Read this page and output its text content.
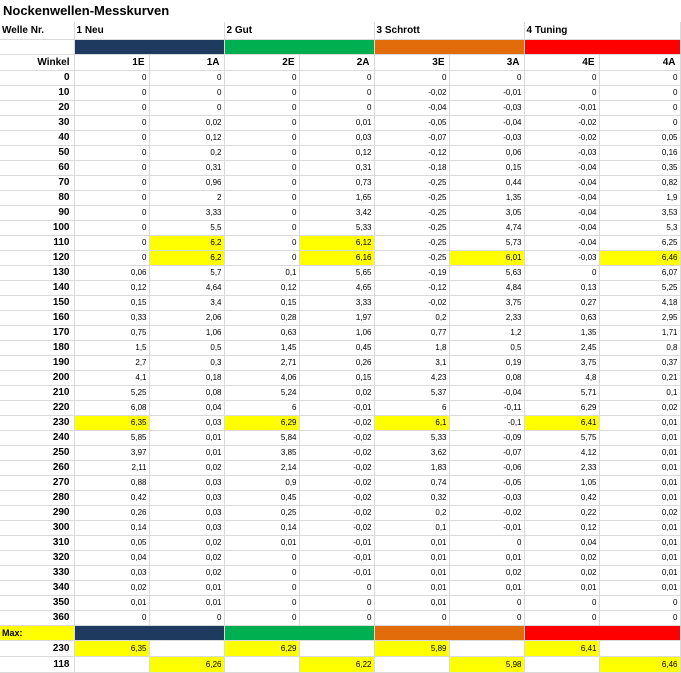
Nockenwellen-Messkurven
Welle Nr.	1 Neu		2 Gut		3 Schrott		4 Tuning	

Winkel	1E	1A	2E	2A	3E	3A	4E	4A
0	0	0	0	0	0	0	0	0
10	0	0	0	0	-0,02	-0,01	0	0
20	0	0	0	0	-0,04	-0,03	-0,01	0
30	0	0,02	0	0,01	-0,05	-0,04	-0,02	0
40	0	0,12	0	0,03	-0,07	-0,03	-0,02	0,05
50	0	0,2	0	0,12	-0,12	0,06	-0,03	0,16
60	0	0,31	0	0,31	-0,18	0,15	-0,04	0,35
70	0	0,96	0	0,73	-0,25	0,44	-0,04	0,82
80	0	2	0	1,65	-0,25	1,35	-0,04	1,9
90	0	3,33	0	3,42	-0,25	3,05	-0,04	3,53
100	0	5,5	0	5,33	-0,25	4,74	-0,04	5,3
110	0	6,2	0	6,12	-0,25	5,73	-0,04	6,25
120	0	6,2	0	6,16	-0,25	6,01	-0,03	6,46
130	0,06	5,7	0,1	5,65	-0,19	5,63	0	6,07
140	0,12	4,64	0,12	4,65	-0,12	4,84	0,13	5,25
150	0,15	3,4	0,15	3,33	-0,02	3,75	0,27	4,18
160	0,33	2,06	0,28	1,97	0,2	2,33	0,63	2,95
170	0,75	1,06	0,63	1,06	0,77	1,2	1,35	1,71
180	1,5	0,5	1,45	0,45	1,8	0,5	2,45	0,8
190	2,7	0,3	2,71	0,26	3,1	0,19	3,75	0,37
200	4,1	0,18	4,06	0,15	4,23	0,08	4,8	0,21
210	5,25	0,08	5,24	0,02	5,37	-0,04	5,71	0,1
220	6,08	0,04	6	-0,01	6	-0,11	6,29	0,02
230	6,35	0,03	6,29	-0,02	6,1	-0,1	6,41	0,01
240	5,85	0,01	5,84	-0,02	5,33	-0,09	5,75	0,01
250	3,97	0,01	3,85	-0,02	3,62	-0,07	4,12	0,01
260	2,11	0,02	2,14	-0,02	1,83	-0,06	2,33	0,01
270	0,88	0,03	0,9	-0,02	0,74	-0,05	1,05	0,01
280	0,42	0,03	0,45	-0,02	0,32	-0,03	0,42	0,01
290	0,26	0,03	0,25	-0,02	0,2	-0,02	0,22	0,02
300	0,14	0,03	0,14	-0,02	0,1	-0,01	0,12	0,01
310	0,05	0,02	0,01	-0,01	0,01	0	0,04	0,01
320	0,04	0,02	0	-0,01	0,01	0,01	0,02	0,01
330	0,03	0,02	0	-0,01	0,01	0,02	0,02	0,01
340	0,02	0,01	0	0	0,01	0,01	0,01	0,01
350	0,01	0,01	0	0	0,01	0	0	0
360	0	0	0	0	0	0	0	0
Max:								
230	6,35		6,29		5,89		6,41	
118		6,26		6,22		5,98		6,46
